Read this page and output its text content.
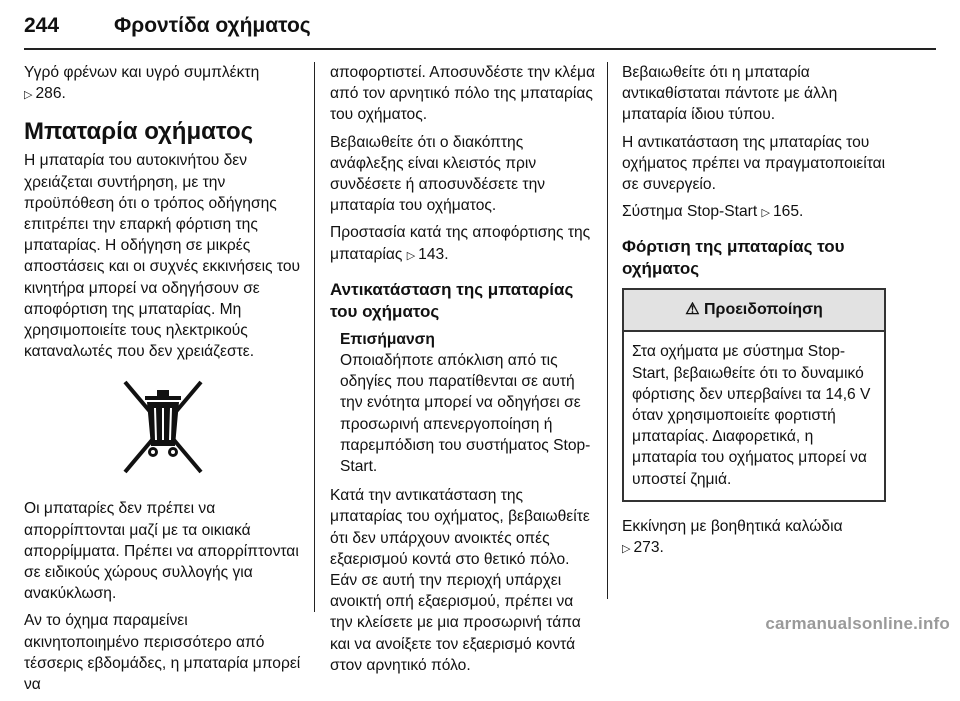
244	Φροντίδα οχήματος

Υγρό φρένων και υγρό συμπλέκτη
▷ 286.

Μπαταρία οχήματος

Η μπαταρία του αυτοκινήτου δεν χρειάζεται συντήρηση, με την προϋπόθεση ότι ο τρόπος οδήγησης επιτρέπει την επαρκή φόρτιση της μπαταρίας. Η οδήγηση σε μικρές αποστάσεις και οι συχνές εκκινήσεις του κινητήρα μπορεί να οδηγήσουν σε αποφόρτιση της μπαταρίας. Μη χρησιμοποιείτε τους ηλεκτρικούς καταναλωτές που δεν χρειάζεστε.

Οι μπαταρίες δεν πρέπει να απορρίπτονται μαζί με τα οικιακά απορρίμματα. Πρέπει να απορρίπτονται σε ειδικούς χώρους συλλογής για ανακύκλωση.

Αν το όχημα παραμείνει ακινητοποιημένο περισσότερο από τέσσερις εβδομάδες, η μπαταρία μπορεί να

αποφορτιστεί. Αποσυνδέστε την κλέμα από τον αρνητικό πόλο της μπαταρίας του οχήματος.

Βεβαιωθείτε ότι ο διακόπτης ανάφλεξης είναι κλειστός πριν συνδέσετε ή αποσυνδέσετε την μπαταρία του οχήματος.

Προστασία κατά της αποφόρτισης της μπαταρίας ▷ 143.

Αντικατάσταση της μπαταρίας του οχήματος
Επισήμανση
Οποιαδήποτε απόκλιση από τις οδηγίες που παρατίθενται σε αυτή την ενότητα μπορεί να οδηγήσει σε προσωρινή απενεργοποίηση ή παρεμπόδιση του συστήματος Stop-Start.

Κατά την αντικατάσταση της μπαταρίας του οχήματος, βεβαιωθείτε ότι δεν υπάρχουν ανοικτές οπές εξαερισμού κοντά στο θετικό πόλο. Εάν σε αυτή την περιοχή υπάρχει ανοικτή οπή εξαερισμού, πρέπει να την κλείσετε με μια προσωρινή τάπα και να ανοίξετε τον εξαερισμό κοντά στον αρνητικό πόλο.

Βεβαιωθείτε ότι η μπαταρία αντικαθίσταται πάντοτε με άλλη μπαταρία ίδιου τύπου.

Η αντικατάσταση της μπαταρίας του οχήματος πρέπει να πραγματοποιείται σε συνεργείο.

Σύστημα Stop-Start ▷ 165.

Φόρτιση της μπαταρίας του οχήματος
⚠ Προειδοποίηση
Στα οχήματα με σύστημα Stop-Start, βεβαιωθείτε ότι το δυναμικό φόρτισης δεν υπερβαίνει τα 14,6 V όταν χρησιμοποιείτε φορτιστή μπαταρίας. Διαφορετικά, η μπαταρία του οχήματος μπορεί να υποστεί ζημιά.

Εκκίνηση με βοηθητικά καλώδια
▷ 273.

carmanualsonline.info
